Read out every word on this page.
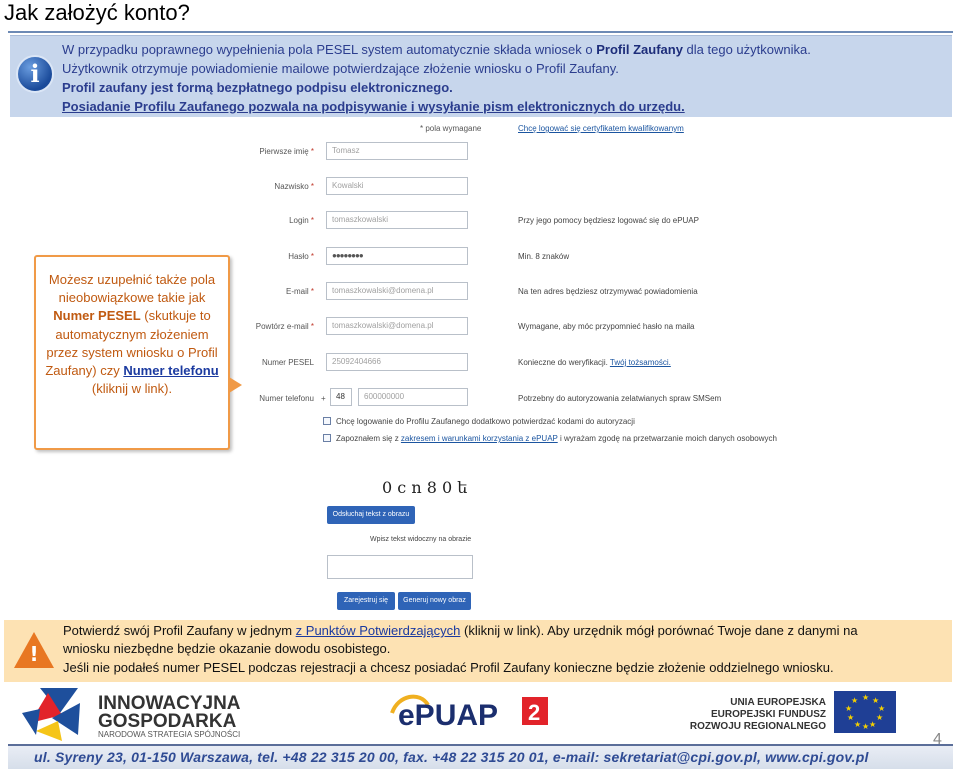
Jak założyć konto?
W przypadku poprawnego wypełnienia pola PESEL system automatycznie składa wniosek o Profil Zaufany dla tego użytkownika.
Użytkownik otrzymuje powiadomienie mailowe potwierdzające złożenie wniosku o Profil Zaufany.
Profil zaufany jest formą bezpłatnego podpisu elektronicznego.
Posiadanie Profilu Zaufanego pozwala na podpisywanie i wysyłanie pism elektronicznych do urzędu.
i
* pola wymagane	Chcę logować się certyfikatem kwalifikowanym
Pierwsze imię *	Tomasz
Nazwisko *	Kowalski
Login *	tomaszkowalski	Przy jego pomocy będziesz logować się do ePUAP
Hasło *	●●●●●●●●	Min. 8 znaków
E-mail *	tomaszkowalski@domena.pl	Na ten adres będziesz otrzymywać powiadomienia
Powtórz e-mail *	tomaszkowalski@domena.pl	Wymagane, aby móc przypomnieć hasło na maila
Numer PESEL	25092404666	Konieczne do weryfikacji. Twój tożsamości.
Numer telefonu +	48	600000000	Potrzebny do autoryzowania zelatwianych spraw SMSem
Chcę logowanie do Profilu Zaufanego dodatkowo potwierdzać kodami do autoryzacji
Zapoznałem się z zakresem i warunkami korzystania z ePUAP i wyrażam zgodę na przetwarzanie moich danych osobowych
Możesz uzupełnić także pola nieobowiązkowe takie jak Numer PESEL (skutkuje to automatycznym złożeniem przez system wniosku o Profil Zaufany) czy Numer telefonu (kliknij w link).
0 c n 8 0 ե
Odsłuchaj tekst z obrazu
Wpisz tekst widoczny na obrazie
Zarejestruj się	Generuj nowy obraz
Potwierdź swój Profil Zaufany w jednym z Punktów Potwierdzających (kliknij w link). Aby urzędnik mógł porównać Twoje dane z danymi na
wniosku niezbędne będzie okazanie dowodu osobistego.
Jeśli nie podałeś numer PESEL podczas rejestracji a chcesz posiadać Profil Zaufany konieczne będzie złożenie oddzielnego wniosku.
!
INNOWACYJNA
GOSPODARKA
NARODOWA STRATEGIA SPÓJNOŚCI
ePUAP 2	UNIA EUROPEJSKA
EUROPEJSKI FUNDUSZ
ROZWOJU REGIONALNEGO
★ ★
★
★
★
★
★
★
★
★
ul. Syreny 23, 01-150 Warszawa, tel. +48 22 315 20 00, fax. +48 22 315 20 01, e-mail: sekretariat@cpi.gov.pl, www.cpi.gov.pl
4
